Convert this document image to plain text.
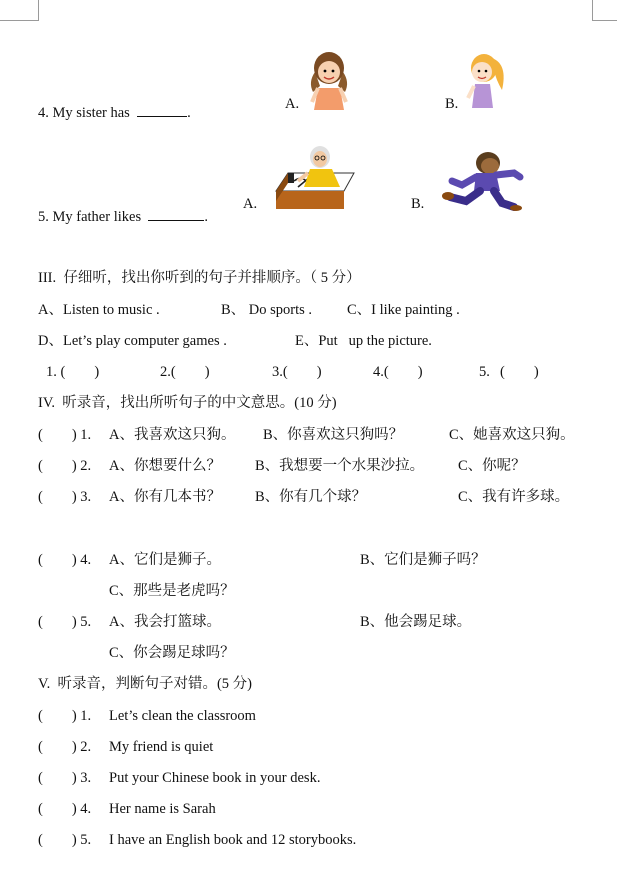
4. My sister has	.
A.	B.
5. My father likes	.
A.	B.
III.  仔细听，找出你听到的句子并排顺序。（ 5 分）
A、Listen to music .	B、 Do sports . C、I like painting .
D、Let’s play computer games .	E、Put   up the picture.
1. (        )	2.(        )	3.(        )	4.(        )	5. (        )
IV.  听录音，找出所听句子的中文意思。(10 分)
(        ) 1. A、我喜欢这只狗。 B、你喜欢这只狗吗？	C、她喜欢这只狗。
(        ) 2. A、你想要什么？ B、我想要一个水果沙拉。 C、你呢？
(        ) 3. A、你有几本书？ B、你有几个球？	C、我有许多球。
(        ) 4. A、它们是狮子。	B、它们是狮子吗？
C、那些是老虎吗？
(        ) 5. A、我会打篮球。	B、他会踢足球。
C、你会踢足球吗？
V.  听录音，判断句子对错。(5 分)
(        ) 1. Let’s clean the classroom
(        ) 2. My friend is quiet
(        ) 3. Put your Chinese book in your desk.
(        ) 4. Her name is Sarah
(        ) 5. I have an English book and 12 storybooks.
